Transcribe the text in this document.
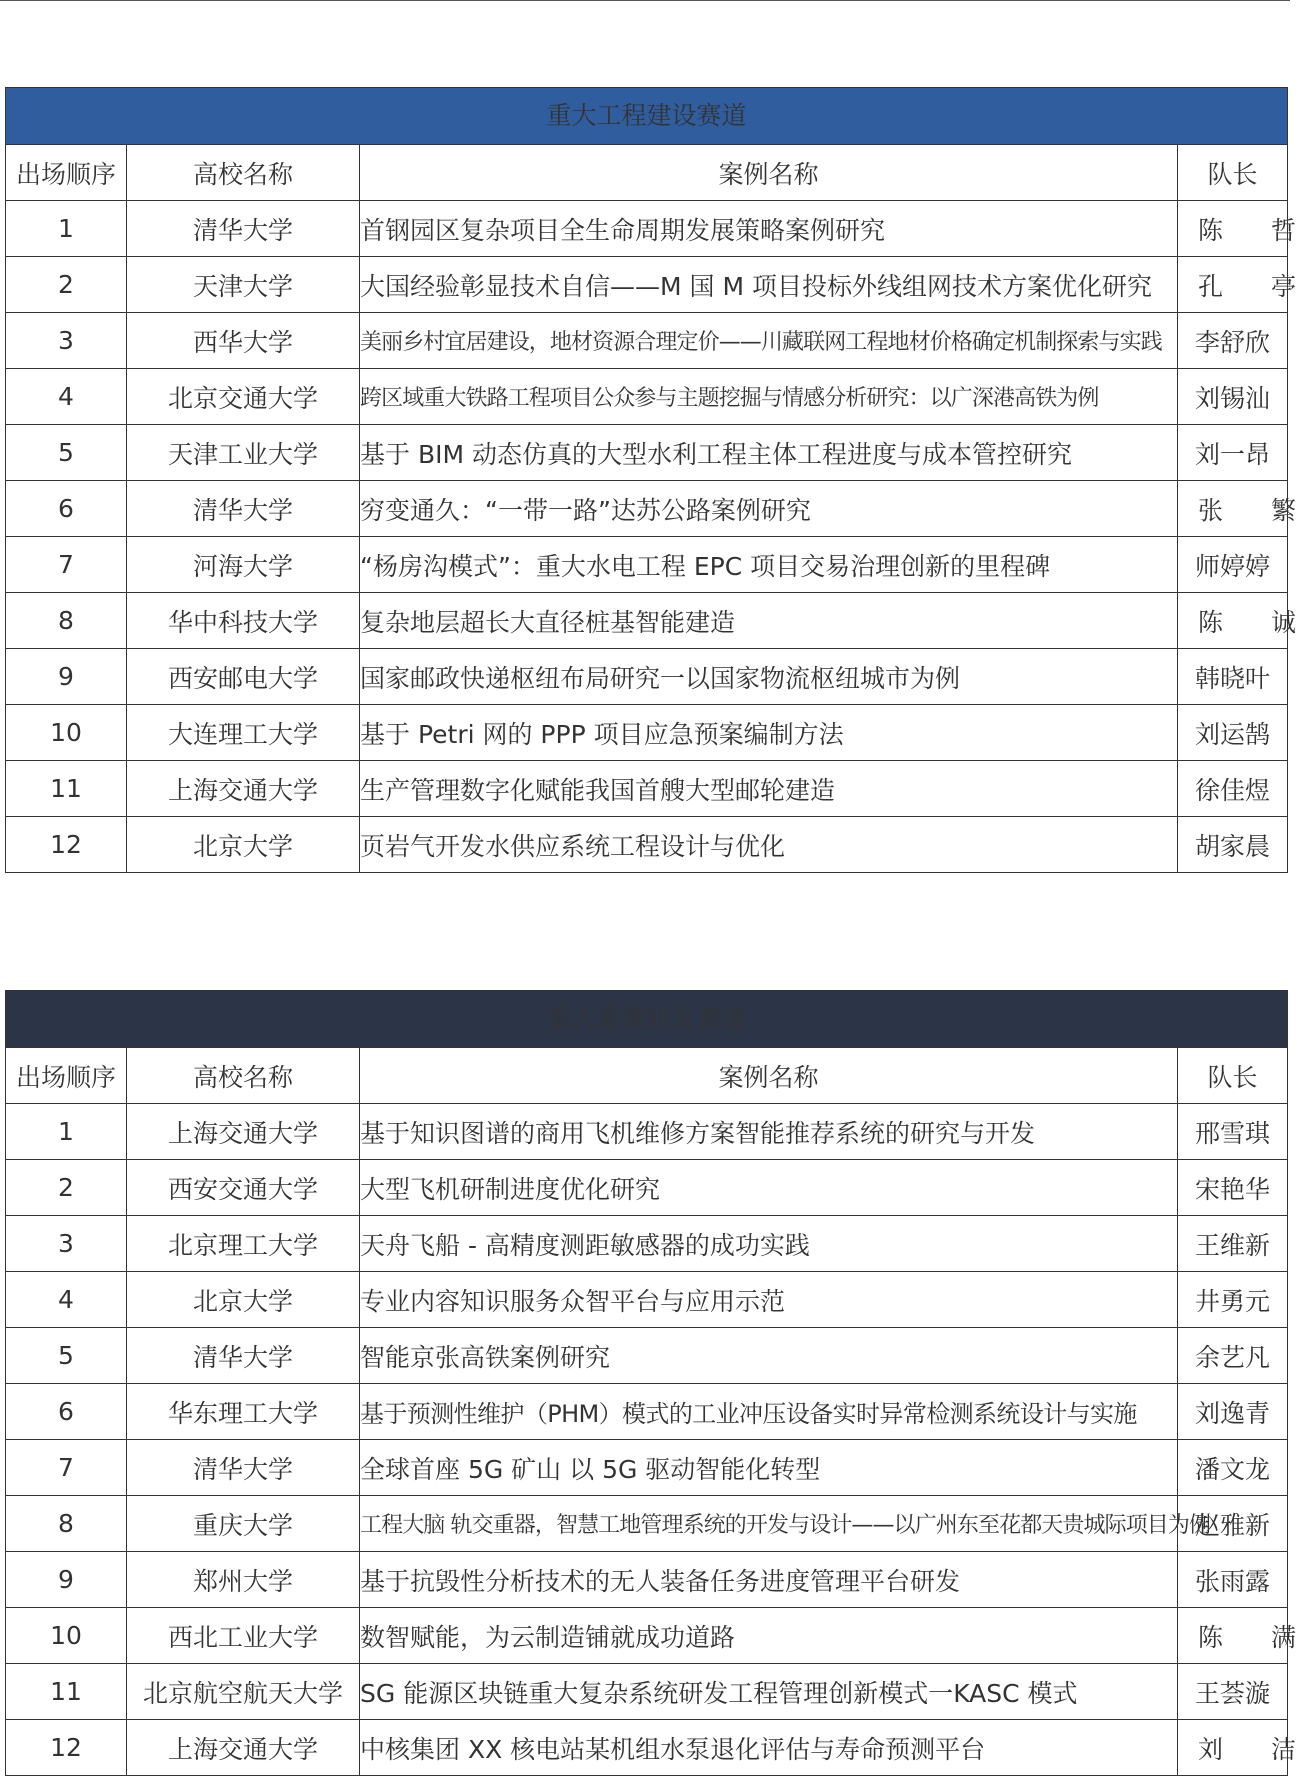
重大工程建设赛道			
出场顺序	高校名称	案例名称	队长
1	清华大学	首钢园区复杂项目全生命周期发展策略案例研究	陈 哲
2	天津大学	大国经验彰显技术自信——M 国 M 项目投标外线组网技术方案优化研究	孔 亭
3	西华大学	美丽乡村宜居建设，地材资源合理定价——川藏联网工程地材价格确定机制探索与实践	李舒欣
4	北京交通大学	跨区域重大铁路工程项目公众参与主题挖掘与情感分析研究：以广深港高铁为例	刘锡汕
5	天津工业大学	基于 BIM 动态仿真的大型水利工程主体工程进度与成本管控研究	刘一昂
6	清华大学	穷变通久：“一带一路”达苏公路案例研究	张 繁
7	河海大学	“杨房沟模式”：重大水电工程 EPC 项目交易治理创新的里程碑	师婷婷
8	华中科技大学	复杂地层超长大直径桩基智能建造	陈 诚
9	西安邮电大学	国家邮政快递枢纽布局研究一以国家物流枢纽城市为例	韩晓叶
10	大连理工大学	基于 Petri 网的 PPP 项目应急预案编制方法	刘运鹄
11	上海交通大学	生产管理数字化赋能我国首艘大型邮轮建造	徐佳煜
12	北京大学	页岩气开发水供应系统工程设计与优化	胡家晨
重大系统研发赛道			
出场顺序	高校名称	案例名称	队长
1	上海交通大学	基于知识图谱的商用飞机维修方案智能推荐系统的研究与开发	邢雪琪
2	西安交通大学	大型飞机研制进度优化研究	宋艳华
3	北京理工大学	天舟飞船 - 高精度测距敏感器的成功实践	王维新
4	北京大学	专业内容知识服务众智平台与应用示范	井勇元
5	清华大学	智能京张高铁案例研究	余艺凡
6	华东理工大学	基于预测性维护（PHM）模式的工业冲压设备实时异常检测系统设计与实施	刘逸青
7	清华大学	全球首座 5G 矿山 以 5G 驱动智能化转型	潘文龙
8	重庆大学	工程大脑 轨交重器，智慧工地管理系统的开发与设计——以广州东至花都天贵城际项目为例	赵雅新
9	郑州大学	基于抗毁性分析技术的无人装备任务进度管理平台研发	张雨露
10	西北工业大学	数智赋能，为云制造铺就成功道路	陈 满
11	北京航空航天大学	SG 能源区块链重大复杂系统研发工程管理创新模式一KASC 模式	王荟漩
12	上海交通大学	中核集团 XX 核电站某机组水泵退化评估与寿命预测平台	刘 洁
